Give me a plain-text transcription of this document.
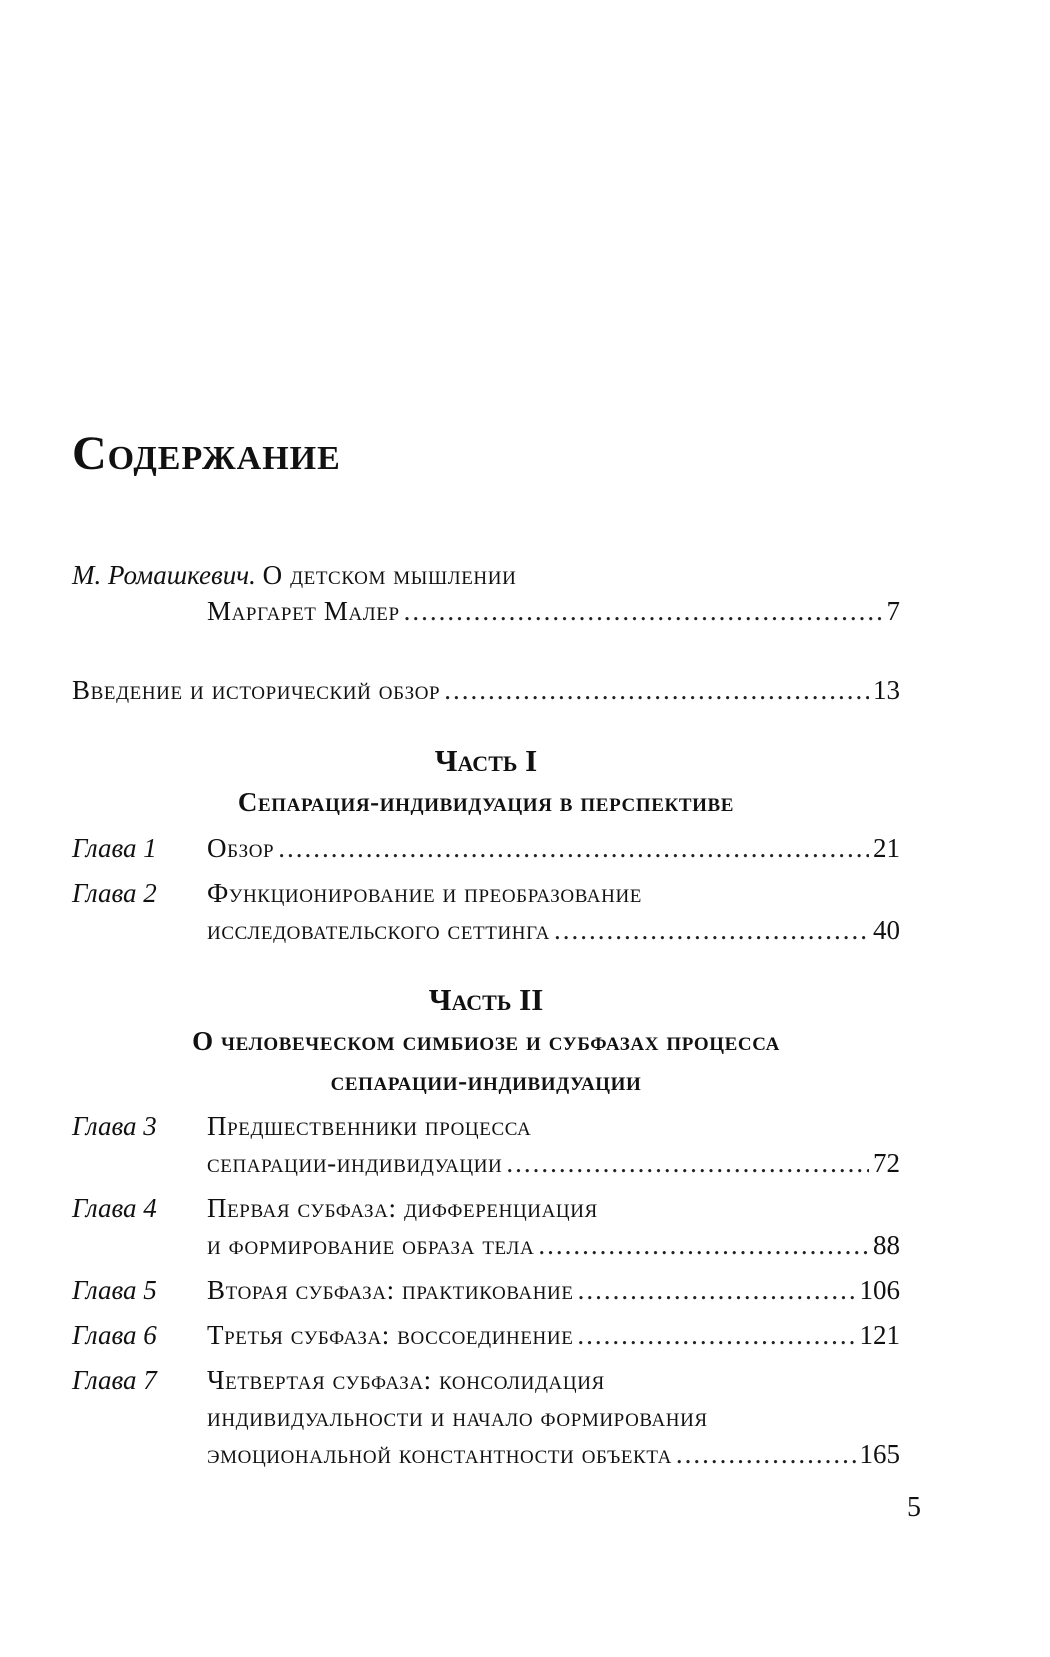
Содержание
М. Ромашкевич. О детском мышлении
Маргарет Малер .....	7
Введение и исторический обзор .....	13
Часть I
Сепарация-индивидуация в перспективе
Глава 1 Обзор .....	21
Глава 2 Функционирование и преобразование
исследовательского сеттинга .....	40
Часть II
О человеческом симбиозе и субфазах процесса
сепарации-индивидуации
Глава 3 Предшественники процесса
сепарации-индивидуации .....	72
Глава 4 Первая субфаза: дифференциация
и формирование образа тела .....	88
Глава 5 Вторая субфаза: практикование .....	106
Глава 6 Третья субфаза: воссоединение .....	121
Глава 7 Четвертая субфаза: консолидация
индивидуальности и начало формирования
эмоциональной константности объекта .....	165
5
